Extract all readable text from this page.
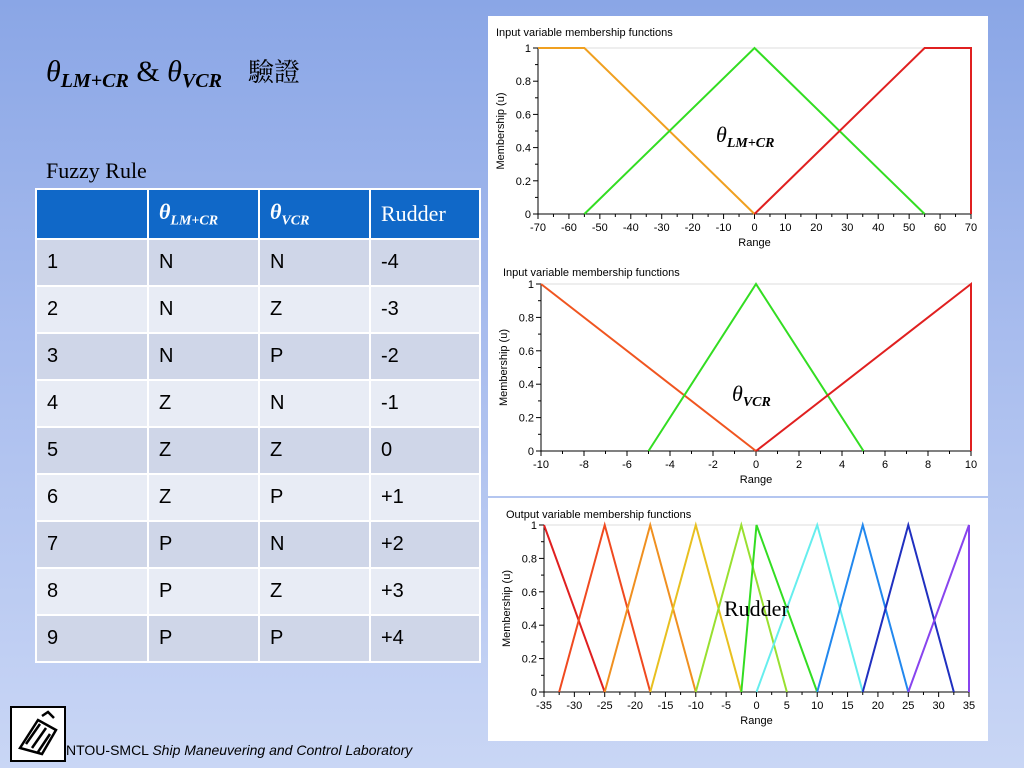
$\theta_{LM+CR}$ & $\theta_{VCR}$ 驗證
Fuzzy Rule
	$\theta_{LM+CR}$	$\theta_{VCR}$	Rudder
1	N	N	-4
2	N	Z	-3
3	N	P	-2
4	Z	N	-1
5	Z	Z	0
6	Z	P	+1
7	P	N	+2
8	P	Z	+3
9	P	P	+4
Input variable membership functions
0
0.2
0.4
0.6
0.8
1
-70 -60 -50 -40 -30 -20 -10 0 10 20 30 40 50 60 70
Range
Membership (u)	$\theta_{LM+CR}$
Input variable membership functions
0
0.2
0.4
0.6
0.8
1
-10	-8	-6	-4	-2	0	2	4	6	8	10
Range
Membership (u)	$\theta_{VCR}$
Output variable membership functions
0
0.2
0.4
0.6
0.8
1
-35 -30 -25 -20 -15 -10 -5 0 5 10 15 20 25 30 35
Range
Membership (u)	Rudder
NTOU-SMCL Ship Maneuvering and Control Laboratory
